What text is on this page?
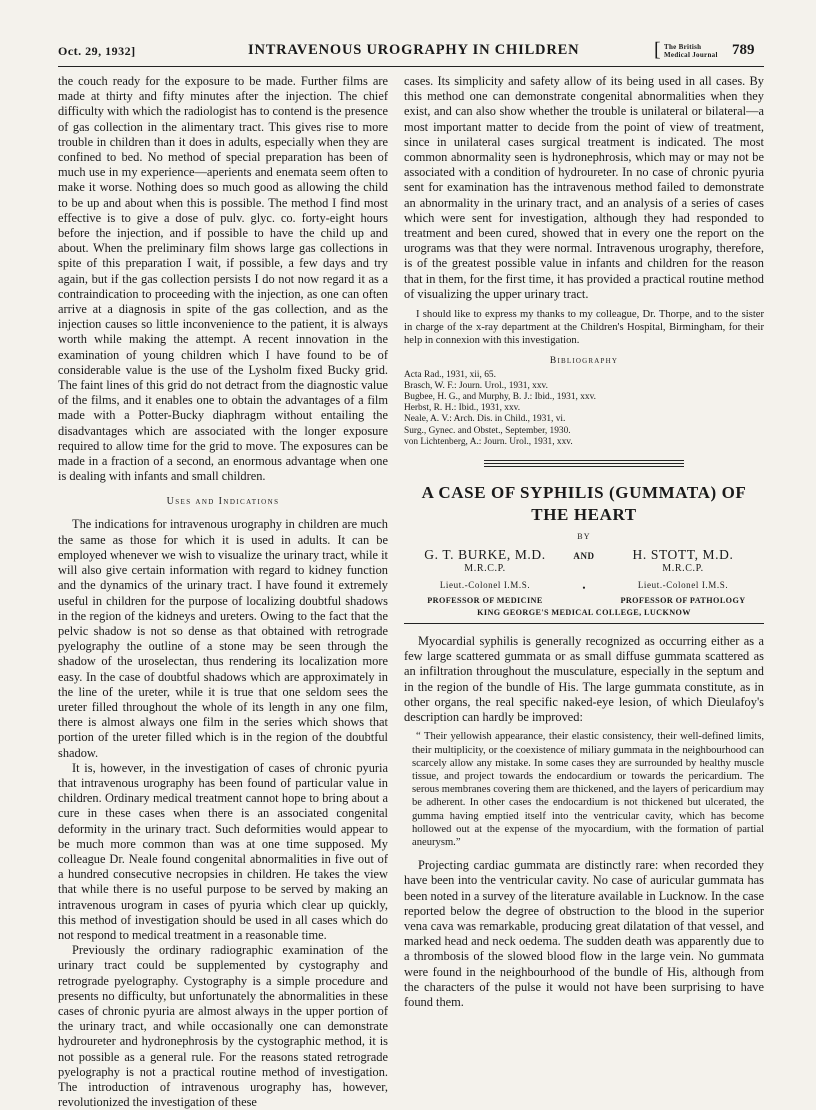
Oct. 29, 1932]	INTRAVENOUS UROGRAPHY IN CHILDREN	[ The British
Medical Journal 789

the couch ready for the exposure to be made. Further films are made at thirty and fifty minutes after the injection. The chief difficulty with which the radiologist has to contend is the presence of gas collection in the alimentary tract. This gives rise to more trouble in children than it does in adults, especially when they are confined to bed. No method of special preparation has been of much use in my experience—aperients and enemata seem often to make it worse. Nothing does so much good as allowing the child to be up and about when this is possible. The method I find most effective is to give a dose of pulv. glyc. co. forty-eight hours before the injection, and if possible to have the child up and about. When the preliminary film shows large gas collections in spite of this preparation I wait, if possible, a few days and try again, but if the gas collection persists I do not now regard it as a contraindication to proceeding with the injection, as one can often arrive at a diagnosis in spite of the gas collection, and as the injection causes so little inconvenience to the patient, it is always worth while making the attempt. A recent innovation in the examination of young children which I have found to be of considerable value is the use of the Lysholm fixed Bucky grid. The faint lines of this grid do not detract from the diagnostic value of the films, and it enables one to obtain the advantages of a film made with a Potter-Bucky diaphragm without entailing the disadvantages which are associated with the longer exposure required to allow time for the grid to move. The exposures can be made in a fraction of a second, an enormous advantage when one is dealing with infants and small children.

Uses and Indications

The indications for intravenous urography in children are much the same as those for which it is used in adults. It can be employed whenever we wish to visualize the urinary tract, while it will also give certain information with regard to kidney function and the dynamics of the urinary tract. I have found it extremely useful in children for the purpose of localizing doubtful shadows in the region of the kidneys and ureters. Owing to the fact that the pelvic shadow is not so dense as that obtained with retrograde pyelography the outline of a stone may be seen through the shadow of the uroselectan, thus rendering its localization more easy. In the case of doubtful shadows which are approximately in the line of the ureter, while it is true that one seldom sees the ureter filled throughout the whole of its length in any one film, there is almost always one film in the series which shows that portion of the ureter filled which is in the region of the doubtful shadow.

It is, however, in the investigation of cases of chronic pyuria that intravenous urography has been found of particular value in children. Ordinary medical treatment cannot hope to bring about a cure in these cases when there is an associated congenital deformity in the urinary tract. Such deformities would appear to be much more common than was at one time supposed. My colleague Dr. Neale found congenital abnormalities in five out of a hundred consecutive necropsies in children. He takes the view that while there is no useful purpose to be served by making an intravenous urogram in cases of pyuria which clear up quickly, this method of investigation should be used in all cases which do not respond to medical treatment in a reasonable time.

Previously the ordinary radiographic examination of the urinary tract could be supplemented by cystography and retrograde pyelography. Cystography is a simple procedure and presents no difficulty, but unfortunately the abnormalities in these cases of chronic pyuria are almost always in the upper portion of the urinary tract, and while occasionally one can demonstrate hydroureter and hydronephrosis by the cystographic method, it is not possible as a general rule. For the reasons stated retrograde pyelography is not a practical routine method of investigation. The introduction of intravenous urography has, however, revolutionized the investigation of these

cases. Its simplicity and safety allow of its being used in all cases. By this method one can demonstrate congenital abnormalities when they exist, and can also show whether the trouble is unilateral or bilateral—a most important matter to decide from the point of view of treatment, since in unilateral cases surgical treatment is indicated. The most common abnormality seen is hydronephrosis, which may or may not be associated with a condition of hydroureter. In no case of chronic pyuria sent for examination has the intravenous method failed to demonstrate an abnormality in the urinary tract, and an analysis of a series of cases which were sent for investigation, although they had responded to treatment and been cured, showed that in every one the report on the urograms was that they were normal. Intravenous urography, therefore, is of the greatest possible value in infants and children for the reason that in them, for the first time, it has provided a practical routine method of visualizing the upper urinary tract.

I should like to express my thanks to my colleague, Dr. Thorpe, and to the sister in charge of the x-ray department at the Children's Hospital, Birmingham, for their help in connexion with this investigation.

Bibliography
Acta Rad., 1931, xii, 65.
Brasch, W. F.: Journ. Urol., 1931, xxv.
Bugbee, H. G., and Murphy, B. J.: Ibid., 1931, xxv.
Herbst, R. H.: Ibid., 1931, xxv.
Neale, A. V.: Arch. Dis. in Child., 1931, vi.
Surg., Gynec. and Obstet., September, 1930.
von Lichtenberg, A.: Journ. Urol., 1931, xxv.
A CASE OF SYPHILIS (GUMMATA) OF
THE HEART
BY
G. T. BURKE, M.D.
M.R.C.P.
Lieut.-Colonel I.M.S.
PROFESSOR OF MEDICINE
AND
•
H. STOTT, M.D.
M.R.C.P.
Lieut.-Colonel I.M.S.
PROFESSOR OF PATHOLOGY
KING GEORGE'S MEDICAL COLLEGE, LUCKNOW

Myocardial syphilis is generally recognized as occurring either as a few large scattered gummata or as small diffuse gummata scattered as an infiltration throughout the musculature, especially in the septum and in the region of the bundle of His. The large gummata constitute, as in other organs, the real specific naked-eye lesion, of which Dieulafoy's description can hardly be improved:

“ Their yellowish appearance, their elastic consistency, their well-defined limits, their multiplicity, or the coexistence of miliary gummata in the neighbourhood can scarcely allow any mistake. In some cases they are surrounded by healthy muscle tissue, and project towards the endocardium or towards the pericardium. The serous membranes covering them are thickened, and the layers of pericardium may be adherent. In other cases the endocardium is not thickened but ulcerated, the gumma having emptied itself into the ventricular cavity, which has become hollowed out at the expense of the myocardium, with the formation of partial aneurysm.”

Projecting cardiac gummata are distinctly rare: when recorded they have been into the ventricular cavity. No case of auricular gummata has been noted in a survey of the literature available in Lucknow. In the case reported below the degree of obstruction to the blood in the superior vena cava was remarkable, producing great dilatation of that vessel, and marked head and neck oedema. The sudden death was apparently due to a thrombosis of the slowed blood flow in the large vein. No gummata were found in the neighbourhood of the bundle of His, although from the characters of the pulse it would not have been surprising to have found them.
